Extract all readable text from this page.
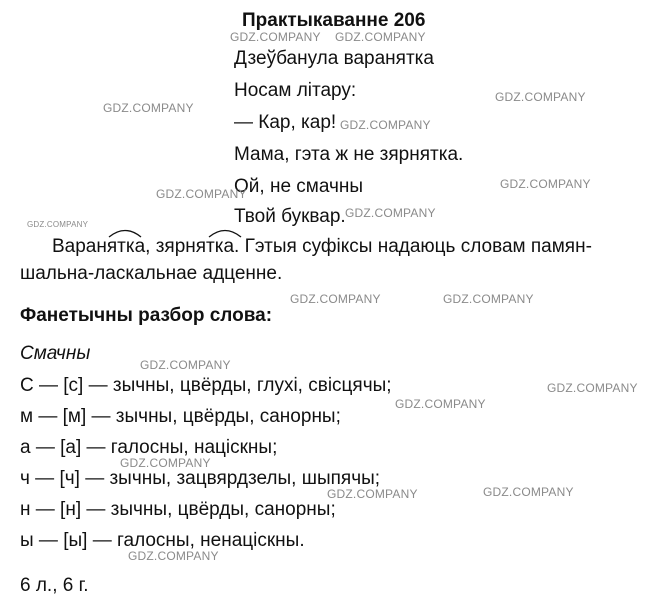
Практыкаванне 206
Дзеўбанула варанятка
Носам літару:
— Кар, кар!
Мама, гэта ж не зярнятка.
Ой, не смачны
Твой буквар.
Варанятка, зярнятка. Гэтыя суфіксы надаюць словам памян-
шальна-ласкальнае адценне.
Фанетычны разбор слова:
Смачны
С — [с] — зычны, цвёрды, глухі, свісцячы;
м — [м] — зычны, цвёрды, санорны;
а — [а] — галосны, націскны;
ч — [ч] — зычны, зацвярдзелы, шыпячы;
н — [н] — зычны, цвёрды, санорны;
ы — [ы] — галосны, ненаціскны.
6 л., 6 г.
GDZ.COMPANY GDZ.COMPANY
GDZ.COMPANY
GDZ.COMPANY
GDZ.COMPANY
GDZ.COMPANY
GDZ.COMPANY
GDZ.COMPANY
GDZ.COMPANY
GDZ.COMPANY	GDZ.COMPANY
GDZ.COMPANY
GDZ.COMPANY
GDZ.COMPANY
GDZ.COMPANY
GDZ.COMPANY	GDZ.COMPANY
GDZ.COMPANY
